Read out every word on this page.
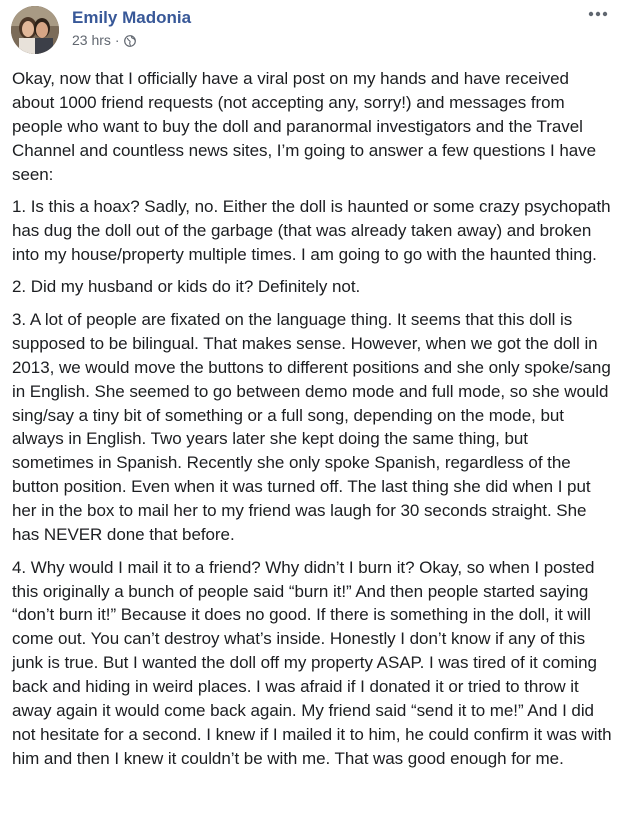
Emily Madonia
23 hrs ·

Okay, now that I officially have a viral post on my hands and have received about 1000 friend requests (not accepting any, sorry!) and messages from people who want to buy the doll and paranormal investigators and the Travel Channel and countless news sites, I’m going to answer a few questions I have seen:

1. Is this a hoax? Sadly, no. Either the doll is haunted or some crazy psychopath has dug the doll out of the garbage (that was already taken away) and broken into my house/property multiple times. I am going to go with the haunted thing.

2. Did my husband or kids do it? Definitely not.

3. A lot of people are fixated on the language thing. It seems that this doll is supposed to be bilingual. That makes sense. However, when we got the doll in 2013, we would move the buttons to different positions and she only spoke/sang in English. She seemed to go between demo mode and full mode, so she would sing/say a tiny bit of something or a full song, depending on the mode, but always in English. Two years later she kept doing the same thing, but sometimes in Spanish. Recently she only spoke Spanish, regardless of the button position. Even when it was turned off. The last thing she did when I put her in the box to mail her to my friend was laugh for 30 seconds straight. She has NEVER done that before.

4. Why would I mail it to a friend? Why didn’t I burn it? Okay, so when I posted this originally a bunch of people said “burn it!” And then people started saying “don’t burn it!” Because it does no good. If there is something in the doll, it will come out. You can’t destroy what’s inside. Honestly I don’t know if any of this junk is true. But I wanted the doll off my property ASAP. I was tired of it coming back and hiding in weird places. I was afraid if I donated it or tried to throw it away again it would come back again. My friend said “send it to me!” And I did not hesitate for a second. I knew if I mailed it to him, he could confirm it was with him and then I knew it couldn’t be with me. That was good enough for me.
